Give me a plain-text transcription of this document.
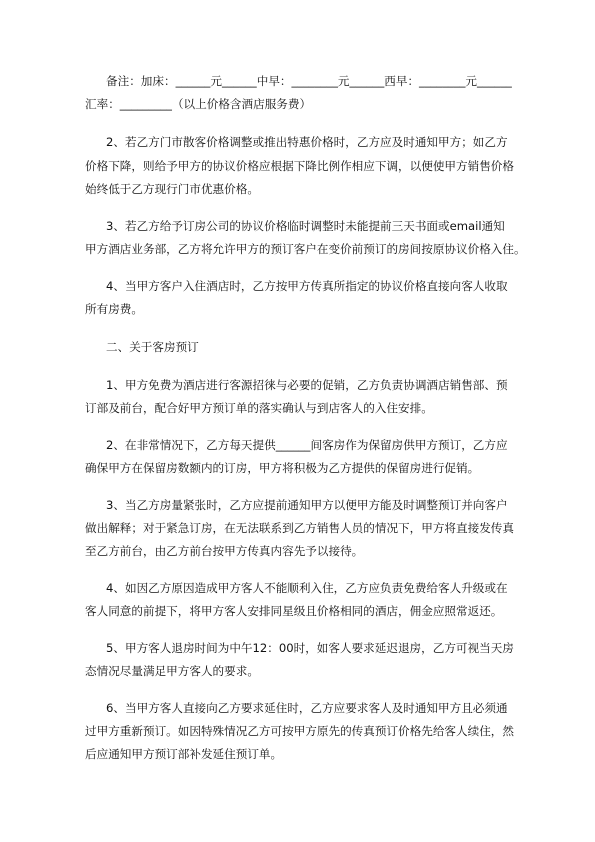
备注：加床：______元______中早：________元______西早：________元______
汇率：_________（以上价格含酒店服务费）
2、若乙方门市散客价格调整或推出特惠价格时，乙方应及时通知甲方；如乙方
价格下降，则给予甲方的协议价格应根据下降比例作相应下调，以便使甲方销售价格
始终低于乙方现行门市优惠价格。
3、若乙方给予订房公司的协议价格临时调整时未能提前三天书面或email通知
甲方酒店业务部，乙方将允许甲方的预订客户在变价前预订的房间按原协议价格入住。
4、当甲方客户入住酒店时，乙方按甲方传真所指定的协议价格直接向客人收取
所有房费。
二、关于客房预订
1、甲方免费为酒店进行客源招徕与必要的促销，乙方负责协调酒店销售部、预
订部及前台，配合好甲方预订单的落实确认与到店客人的入住安排。
2、在非常情况下，乙方每天提供______间客房作为保留房供甲方预订，乙方应
确保甲方在保留房数额内的订房，甲方将积极为乙方提供的保留房进行促销。
3、当乙方房量紧张时，乙方应提前通知甲方以便甲方能及时调整预订并向客户
做出解释；对于紧急订房，在无法联系到乙方销售人员的情况下，甲方将直接发传真
至乙方前台，由乙方前台按甲方传真内容先予以接待。
4、如因乙方原因造成甲方客人不能顺利入住，乙方应负责免费给客人升级或在
客人同意的前提下，将甲方客人安排同星级且价格相同的酒店，佣金应照常返还。
5、甲方客人退房时间为中午12：00时，如客人要求延迟退房，乙方可视当天房
态情况尽量满足甲方客人的要求。
6、当甲方客人直接向乙方要求延住时，乙方应要求客人及时通知甲方且必须通
过甲方重新预订。如因特殊情况乙方可按甲方原先的传真预订价格先给客人续住，然
后应通知甲方预订部补发延住预订单。
